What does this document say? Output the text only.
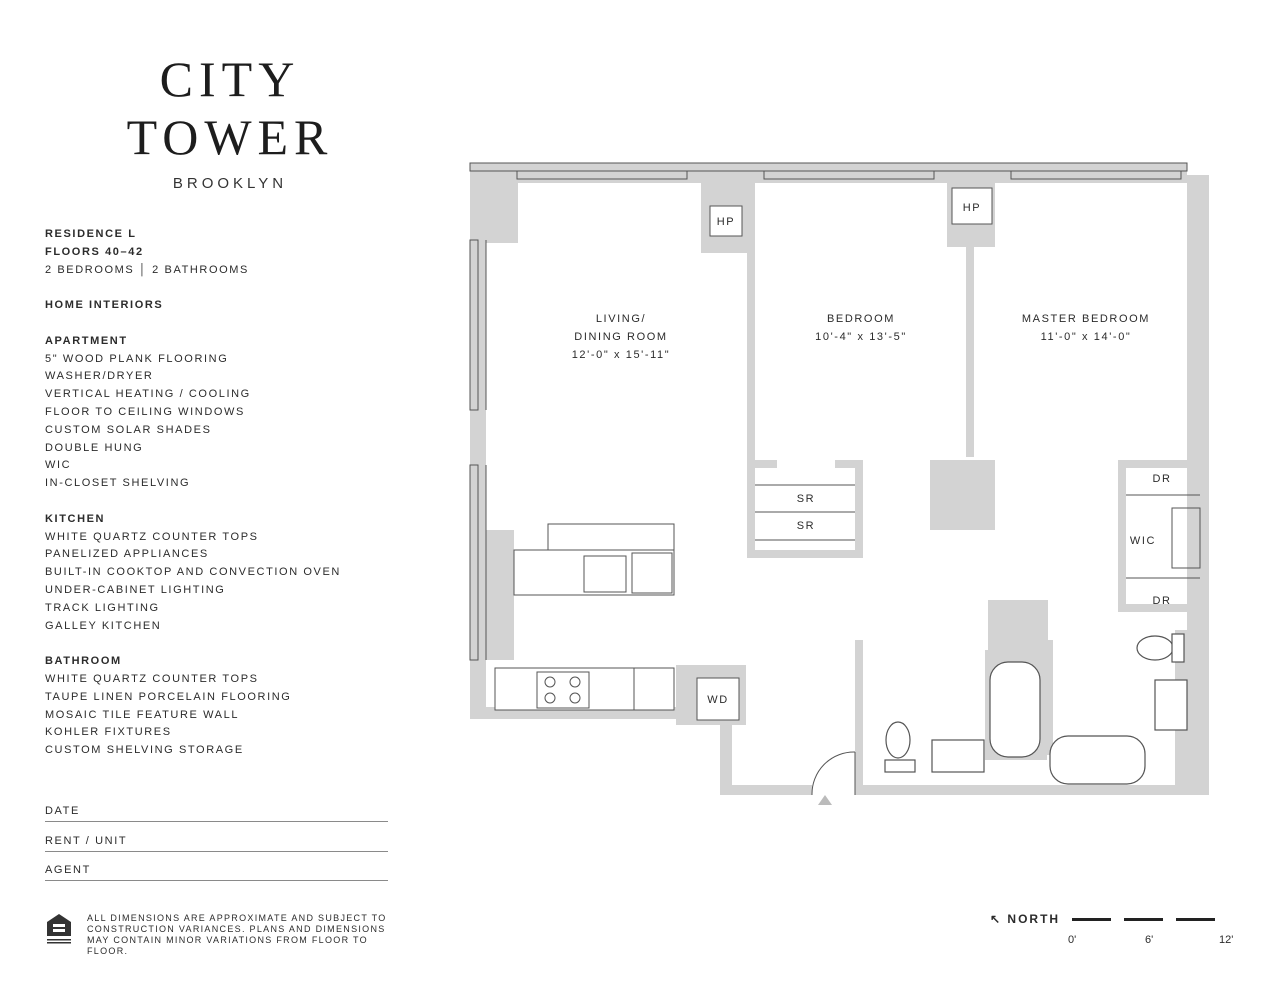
CITY
TOWER
BROOKLYN
RESIDENCE L
FLOORS 40–42
2 BEDROOMS │ 2 BATHROOMS
HOME INTERIORS
APARTMENT
5" WOOD PLANK FLOORING
WASHER/DRYER
VERTICAL HEATING / COOLING
FLOOR TO CEILING WINDOWS
CUSTOM SOLAR SHADES
DOUBLE HUNG
WIC
IN-CLOSET SHELVING
KITCHEN
WHITE QUARTZ COUNTER TOPS
PANELIZED APPLIANCES
BUILT-IN COOKTOP AND CONVECTION OVEN
UNDER-CABINET LIGHTING
TRACK LIGHTING
GALLEY KITCHEN
BATHROOM
WHITE QUARTZ COUNTER TOPS
TAUPE LINEN PORCELAIN FLOORING
MOSAIC TILE FEATURE WALL
KOHLER FIXTURES
CUSTOM SHELVING STORAGE
DATE
RENT / UNIT
AGENT
ALL DIMENSIONS ARE APPROXIMATE AND SUBJECT TO CONSTRUCTION VARIANCES. PLANS AND DIMENSIONS MAY CONTAIN MINOR VARIATIONS FROM FLOOR TO FLOOR.
↖ NORTH
0'	6'	12'
LIVING/
DINING ROOM
12'-0" x 15'-11"
BEDROOM
10'-4" x 13'-5"
MASTER BEDROOM
11'-0" x 14'-0"
HP
HP
SR
SR
DR
WIC
DR
WD
